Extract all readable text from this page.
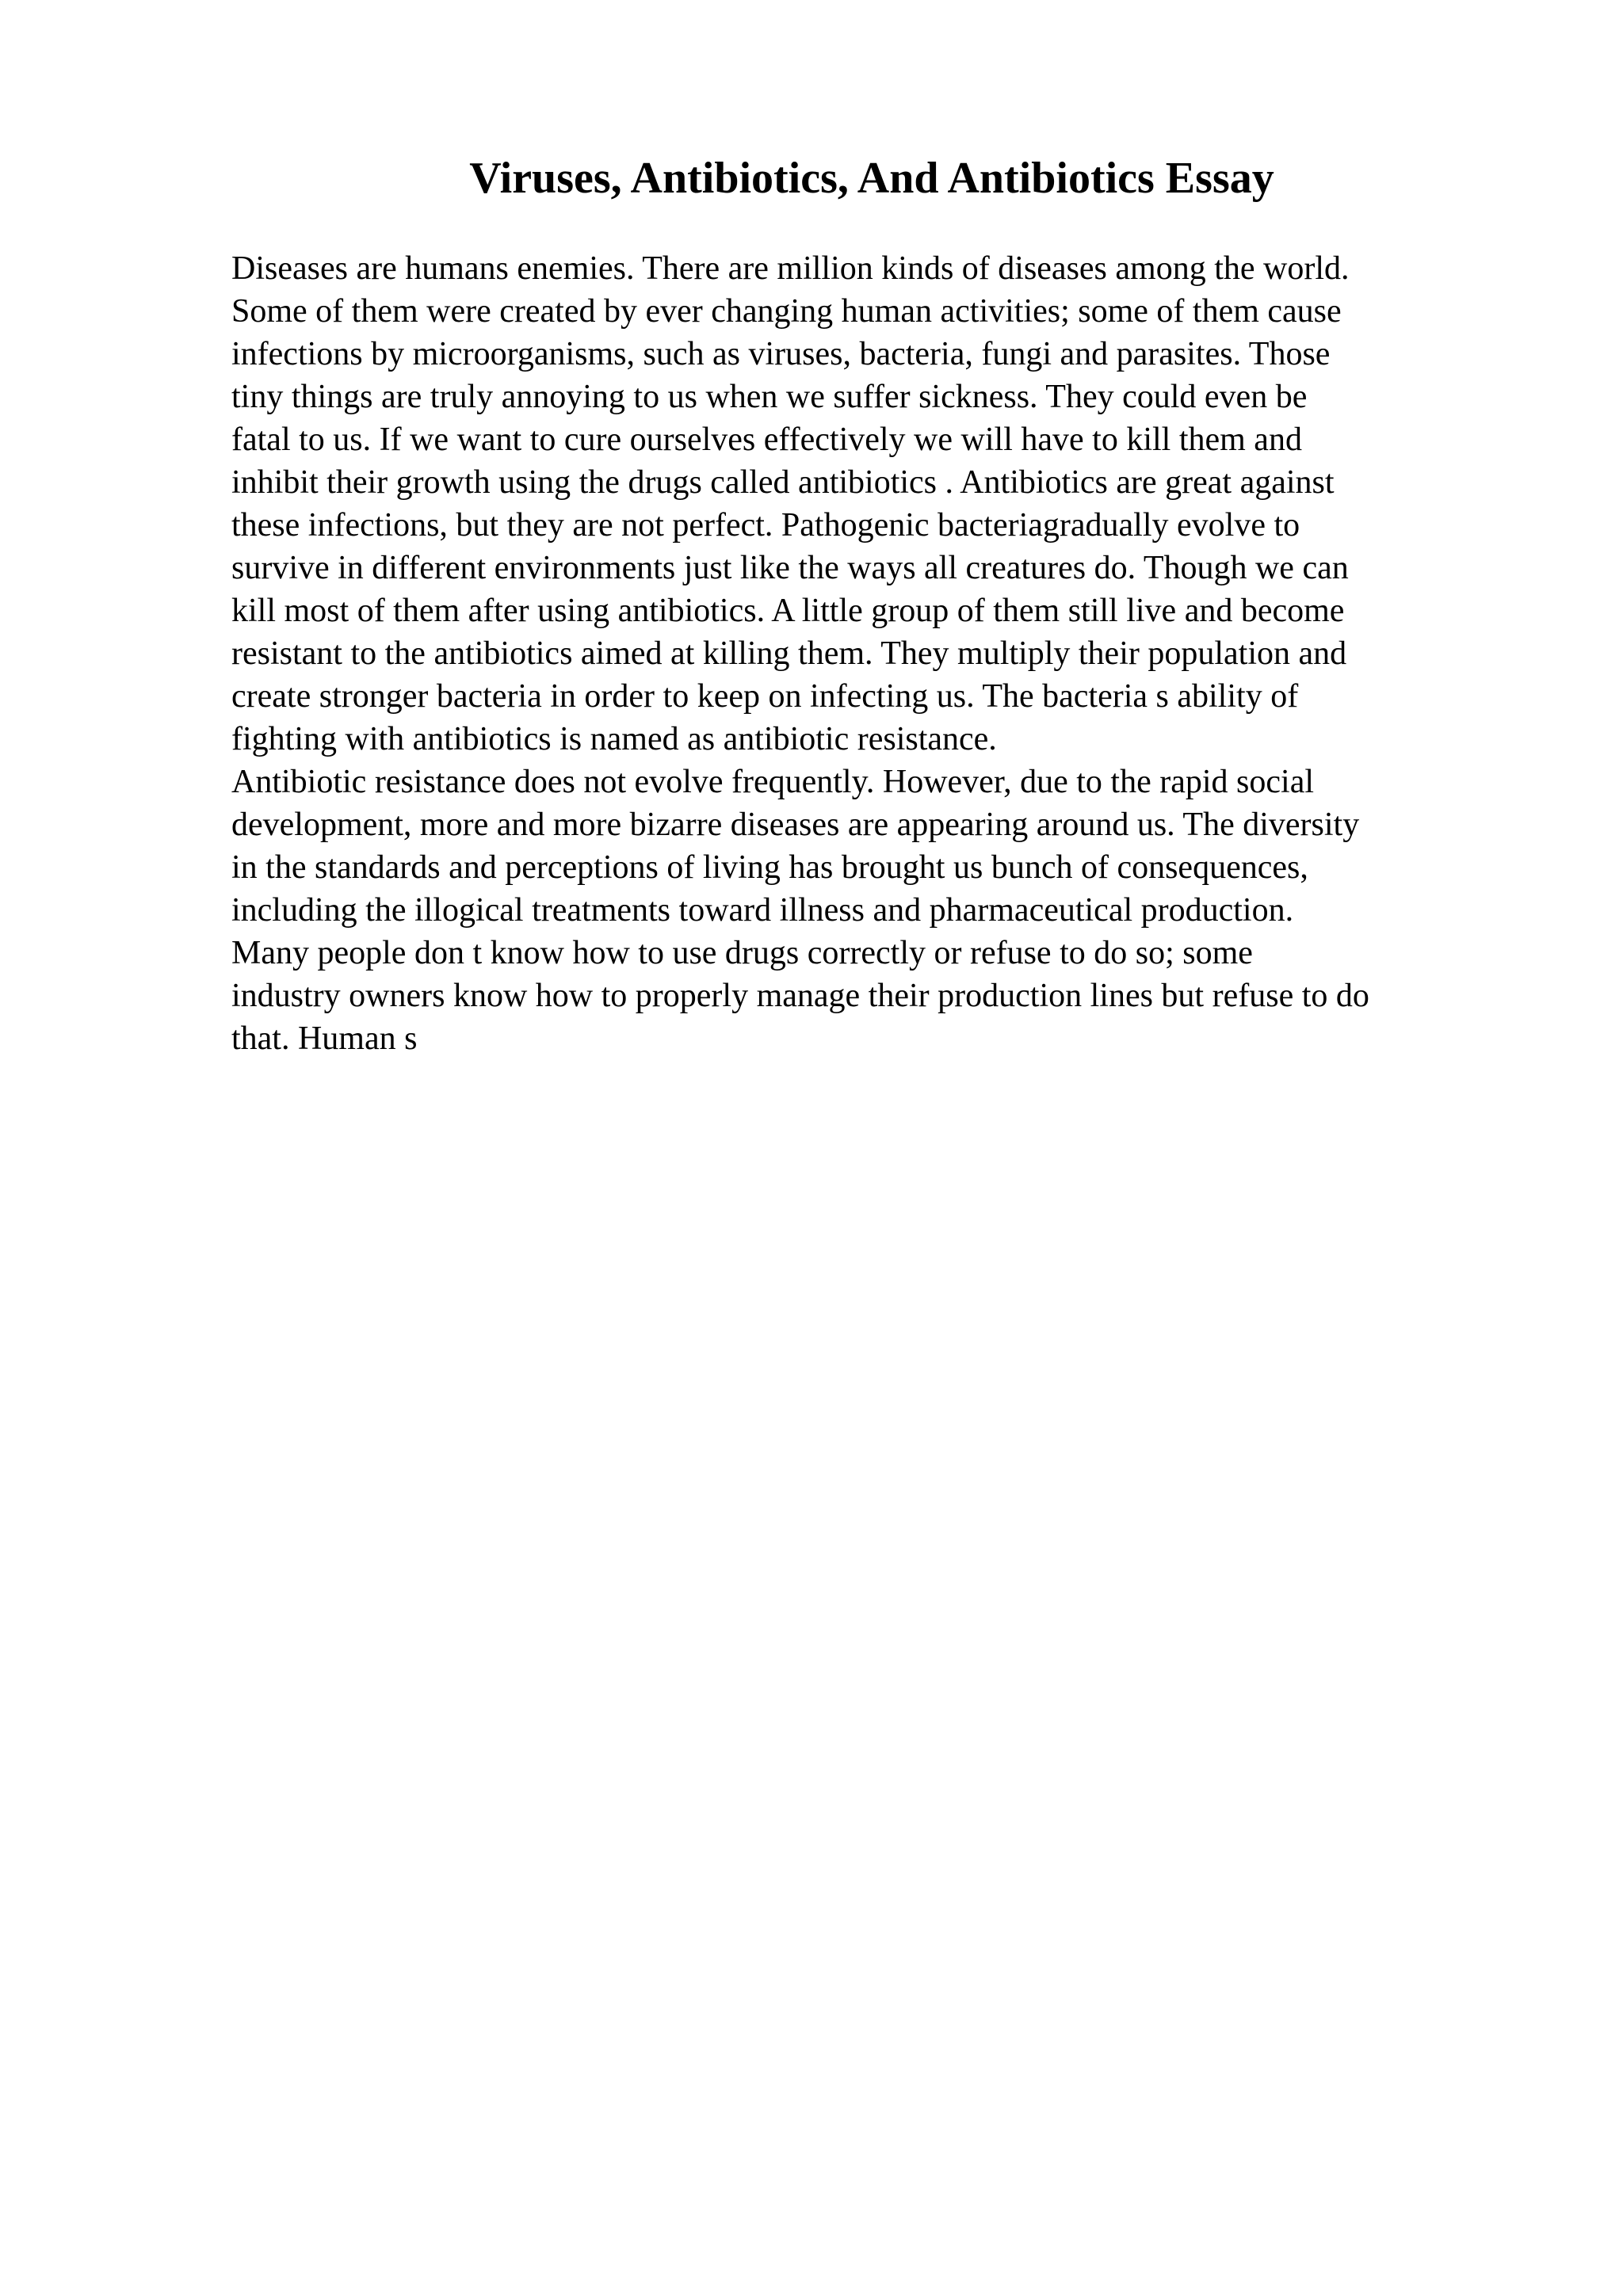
Viruses, Antibiotics, And Antibiotics Essay
Diseases are humans enemies. There are million kinds of diseases among the world.
Some of them were created by ever changing human activities; some of them cause
infections by microorganisms, such as viruses, bacteria, fungi and parasites. Those
tiny things are truly annoying to us when we suffer sickness. They could even be
fatal to us. If we want to cure ourselves effectively we will have to kill them and
inhibit their growth using the drugs called antibiotics . Antibiotics are great against
these infections, but they are not perfect. Pathogenic bacteriagradually evolve to
survive in different environments just like the ways all creatures do. Though we can
kill most of them after using antibiotics. A little group of them still live and become
resistant to the antibiotics aimed at killing them. They multiply their population and
create stronger bacteria in order to keep on infecting us. The bacteria s ability of
fighting with antibiotics is named as antibiotic resistance.
Antibiotic resistance does not evolve frequently. However, due to the rapid social
development, more and more bizarre diseases are appearing around us. The diversity
in the standards and perceptions of living has brought us bunch of consequences,
including the illogical treatments toward illness and pharmaceutical production.
Many people don t know how to use drugs correctly or refuse to do so; some
industry owners know how to properly manage their production lines but refuse to do
that. Human s
